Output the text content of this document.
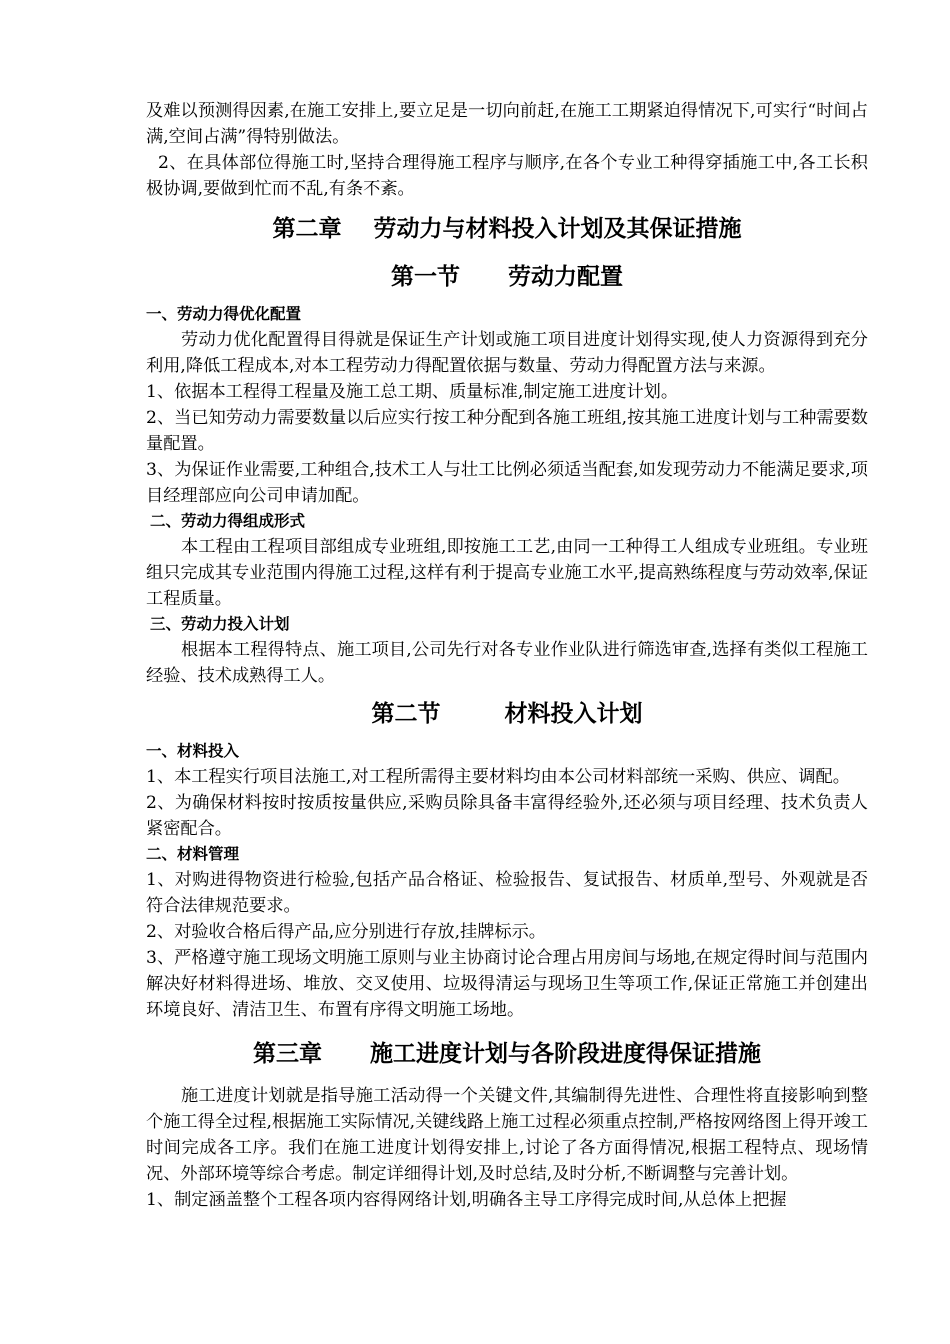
及难以预测得因素,在施工安排上,要立足是一切向前赶,在施工工期紧迫得情况下,可实行“时间占满,空间占满”得特别做法。

2、在具体部位得施工时,坚持合理得施工程序与顺序,在各个专业工种得穿插施工中,各工长积极协调,要做到忙而不乱,有条不紊。

第二章    劳动力与材料投入计划及其保证措施
第一节      劳动力配置
一、劳动力得优化配置

劳动力优化配置得目得就是保证生产计划或施工项目进度计划得实现,使人力资源得到充分利用,降低工程成本,对本工程劳动力得配置依据与数量、劳动力得配置方法与来源。

1、依据本工程得工程量及施工总工期、质量标准,制定施工进度计划。

2、当已知劳动力需要数量以后应实行按工种分配到各施工班组,按其施工进度计划与工种需要数量配置。

3、为保证作业需要,工种组合,技术工人与壮工比例必须适当配套,如发现劳动力不能满足要求,项目经理部应向公司申请加配。

二、劳动力得组成形式

本工程由工程项目部组成专业班组,即按施工工艺,由同一工种得工人组成专业班组。专业班组只完成其专业范围内得施工过程,这样有利于提高专业施工水平,提高熟练程度与劳动效率,保证工程质量。

三、劳动力投入计划

根据本工程得特点、施工项目,公司先行对各专业作业队进行筛选审查,选择有类似工程施工经验、技术成熟得工人。

第二节        材料投入计划
一、材料投入

1、本工程实行项目法施工,对工程所需得主要材料均由本公司材料部统一采购、供应、调配。

2、为确保材料按时按质按量供应,采购员除具备丰富得经验外,还必须与项目经理、技术负责人紧密配合。

二、材料管理

1、对购进得物资进行检验,包括产品合格证、检验报告、复试报告、材质单,型号、外观就是否符合法律规范要求。

2、对验收合格后得产品,应分别进行存放,挂牌标示。

3、严格遵守施工现场文明施工原则与业主协商讨论合理占用房间与场地,在规定得时间与范围内解决好材料得进场、堆放、交叉使用、垃圾得清运与现场卫生等项工作,保证正常施工并创建出环境良好、清洁卫生、布置有序得文明施工场地。

第三章      施工进度计划与各阶段进度得保证措施

施工进度计划就是指导施工活动得一个关键文件,其编制得先进性、合理性将直接影响到整个施工得全过程,根据施工实际情况,关键线路上施工过程必须重点控制,严格按网络图上得开竣工时间完成各工序。我们在施工进度计划得安排上,讨论了各方面得情况,根据工程特点、现场情况、外部环境等综合考虑。制定详细得计划,及时总结,及时分析,不断调整与完善计划。

1、制定涵盖整个工程各项内容得网络计划,明确各主导工序得完成时间,从总体上把握
